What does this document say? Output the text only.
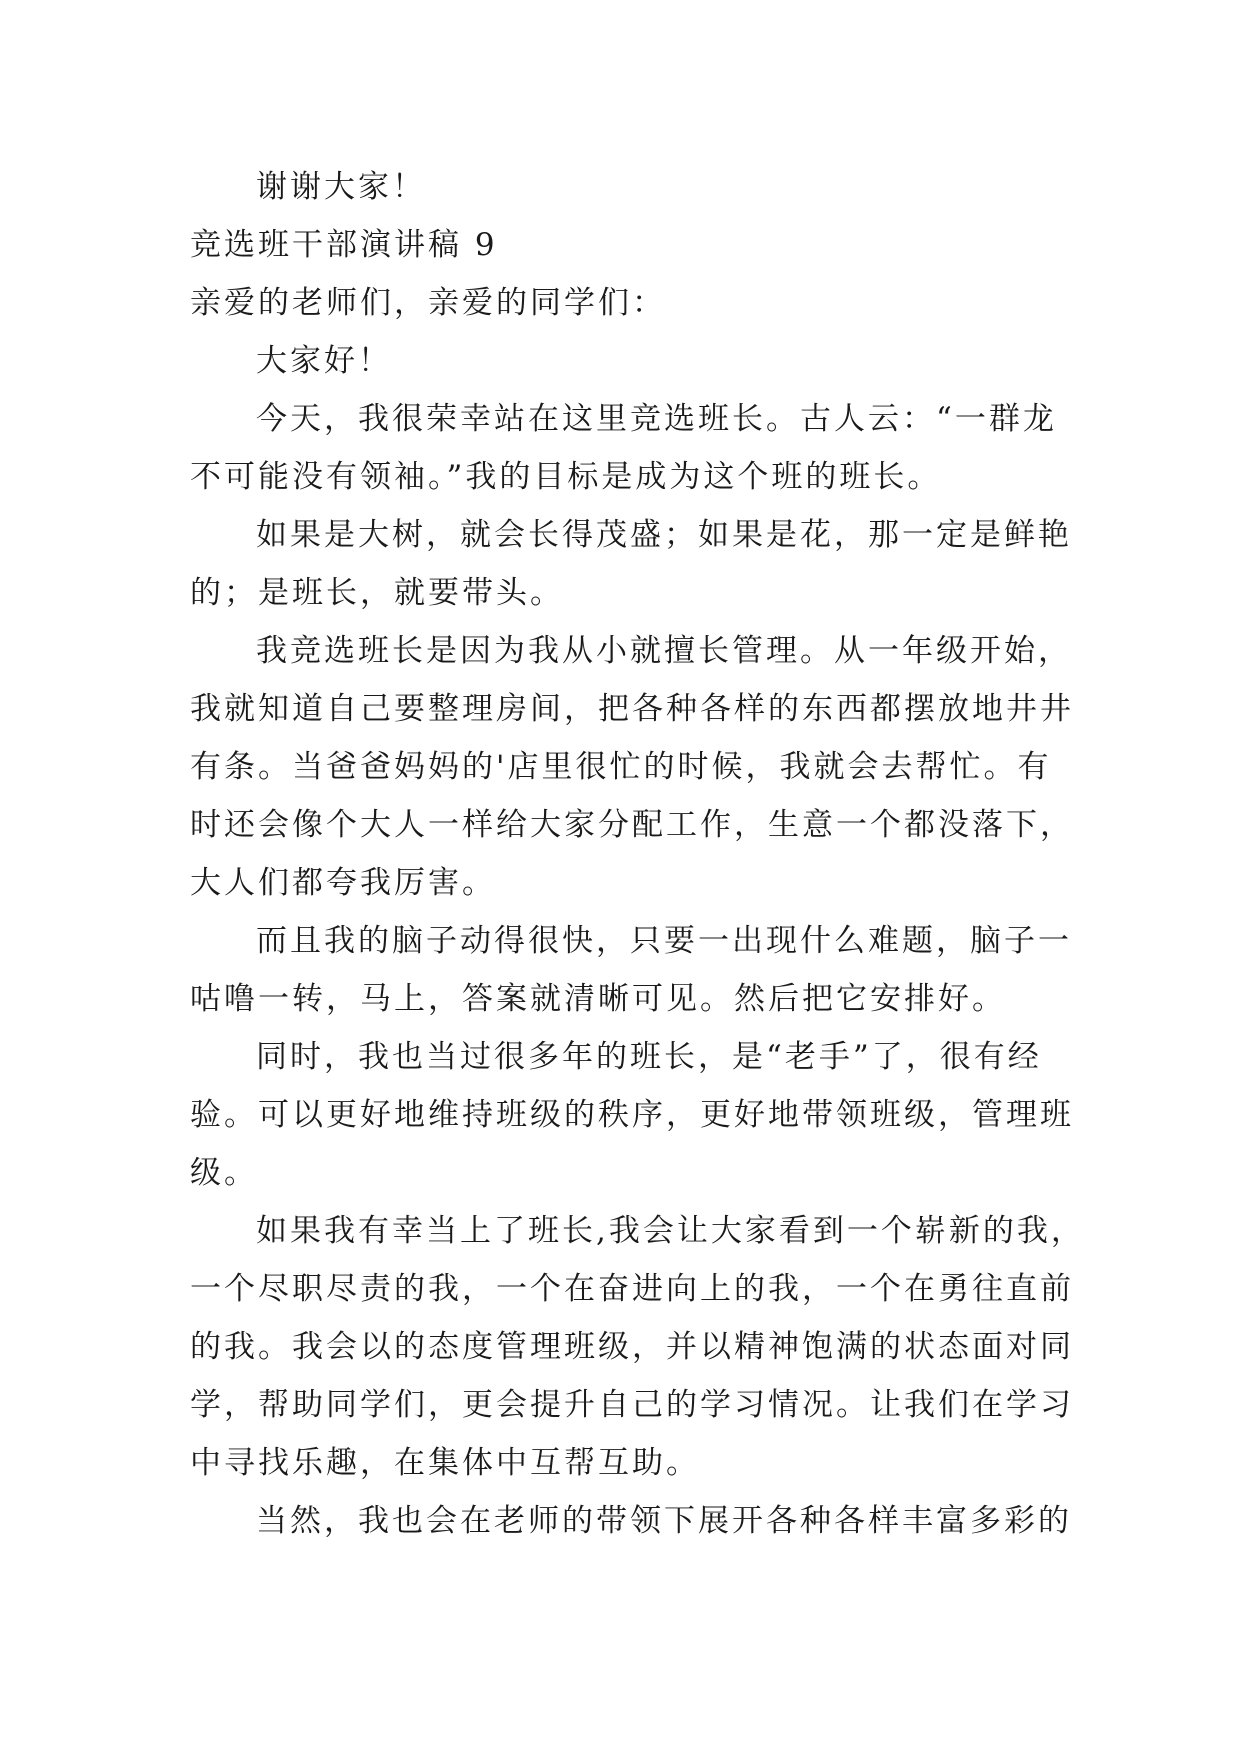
谢谢大家！
竞选班干部演讲稿 9
亲爱的老师们，亲爱的同学们：
大家好！
今天，我很荣幸站在这里竞选班长。古人云：“一群龙
不可能没有领袖。”我的目标是成为这个班的班长。
如果是大树，就会长得茂盛；如果是花，那一定是鲜艳
的；是班长，就要带头。
我竞选班长是因为我从小就擅长管理。从一年级开始，
我就知道自己要整理房间，把各种各样的东西都摆放地井井
有条。当爸爸妈妈的'店里很忙的时候，我就会去帮忙。有
时还会像个大人一样给大家分配工作，生意一个都没落下，
大人们都夸我厉害。
而且我的脑子动得很快，只要一出现什么难题，脑子一
咕噜一转，马上，答案就清晰可见。然后把它安排好。
同时，我也当过很多年的班长，是“老手”了，很有经
验。可以更好地维持班级的秩序，更好地带领班级，管理班
级。
如果我有幸当上了班长,我会让大家看到一个崭新的我，
一个尽职尽责的我，一个在奋进向上的我，一个在勇往直前
的我。我会以的态度管理班级，并以精神饱满的状态面对同
学，帮助同学们，更会提升自己的学习情况。让我们在学习
中寻找乐趣，在集体中互帮互助。
当然，我也会在老师的带领下展开各种各样丰富多彩的
